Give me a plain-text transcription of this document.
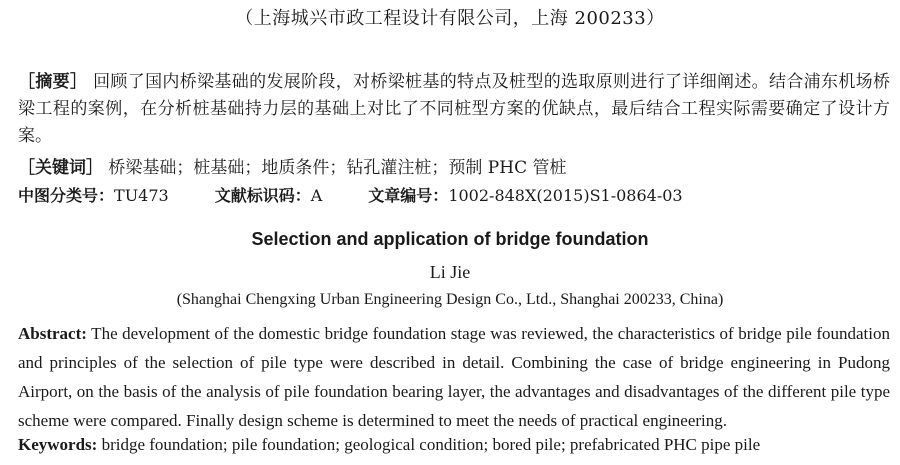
（上海城兴市政工程设计有限公司，上海 200233）
［摘要］ 回顾了国内桥梁基础的发展阶段，对桥梁桩基的特点及桩型的选取原则进行了详细阐述。结合浦东机场桥梁工程的案例，在分析桩基础持力层的基础上对比了不同桩型方案的优缺点，最后结合工程实际需要确定了设计方案。
［关键词］ 桥梁基础；桩基础；地质条件；钻孔灌注桩；预制 PHC 管桩
中图分类号：TU473	文献标识码：A	文章编号：1002-848X(2015)S1-0864-03
Selection and application of bridge foundation
Li Jie
(Shanghai Chengxing Urban Engineering Design Co., Ltd., Shanghai 200233, China)
Abstract: The development of the domestic bridge foundation stage was reviewed, the characteristics of bridge pile foundation and principles of the selection of pile type were described in detail. Combining the case of bridge engineering in Pudong Airport, on the basis of the analysis of pile foundation bearing layer, the advantages and disadvantages of the different pile type scheme were compared. Finally design scheme is determined to meet the needs of practical engineering.
Keywords: bridge foundation; pile foundation; geological condition; bored pile; prefabricated PHC pipe pile
